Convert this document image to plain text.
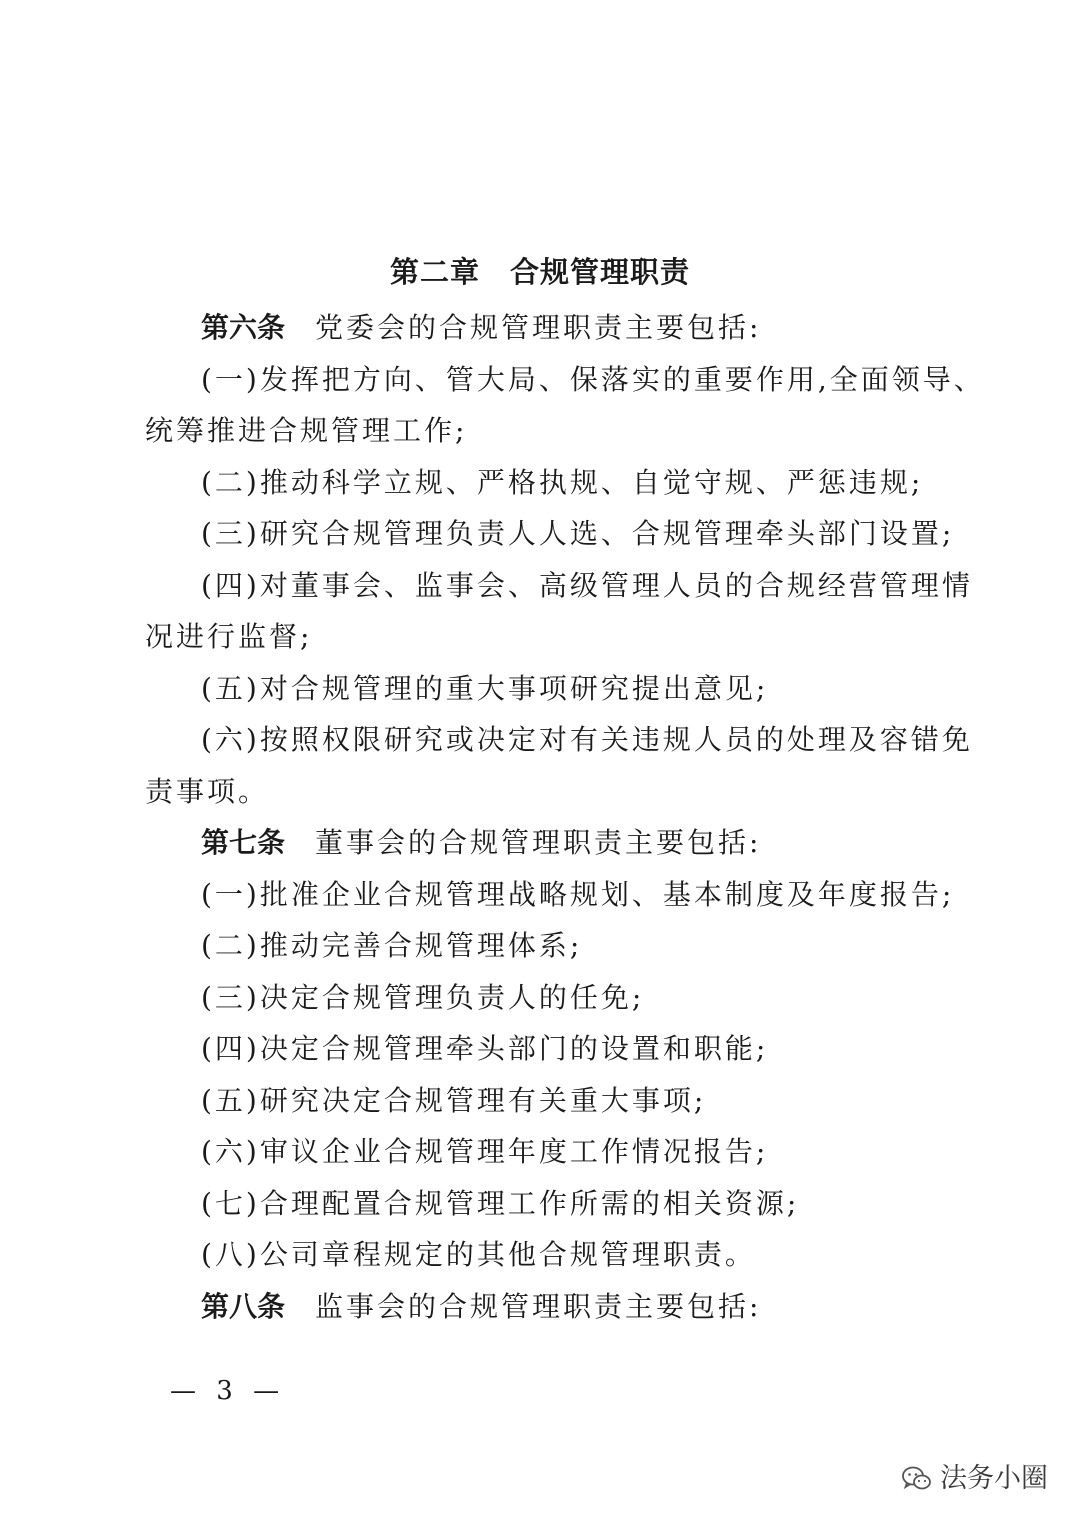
第二章 合规管理职责
第六条 党委会的合规管理职责主要包括:
(一)发挥把方向、管大局、保落实的重要作用,全面领导、
统筹推进合规管理工作;
(二)推动科学立规、严格执规、自觉守规、严惩违规;
(三)研究合规管理负责人人选、合规管理牵头部门设置;
(四)对董事会、监事会、高级管理人员的合规经营管理情
况进行监督;
(五)对合规管理的重大事项研究提出意见;
(六)按照权限研究或决定对有关违规人员的处理及容错免
责事项。
第七条 董事会的合规管理职责主要包括:
(一)批准企业合规管理战略规划、基本制度及年度报告;
(二)推动完善合规管理体系;
(三)决定合规管理负责人的任免;
(四)决定合规管理牵头部门的设置和职能;
(五)研究决定合规管理有关重大事项;
(六)审议企业合规管理年度工作情况报告;
(七)合理配置合规管理工作所需的相关资源;
(八)公司章程规定的其他合规管理职责。
第八条 监事会的合规管理职责主要包括:
— 3 —
法务小圈
